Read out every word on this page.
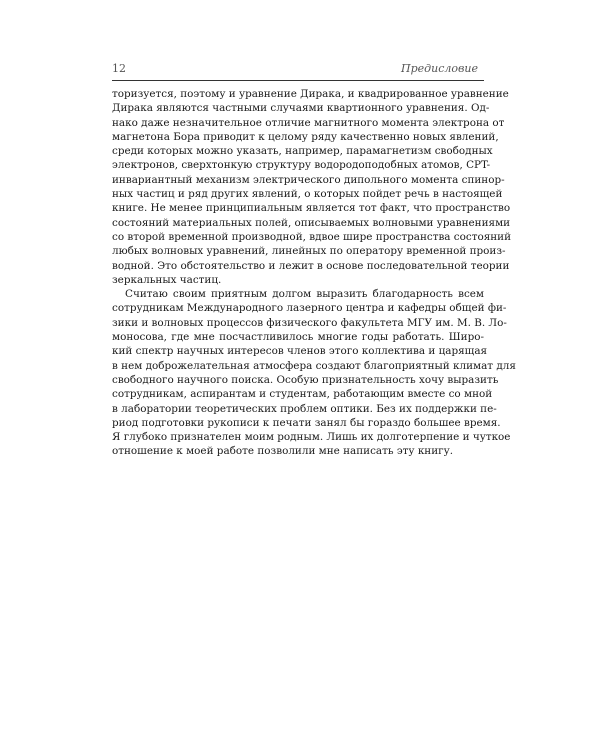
12	Предисловие
торизуется, поэтому и уравнение Дирака, и квадрированное уравнение
Дирака являются частными случаями квартионного уравнения. Од-
нако даже незначительное отличие магнитного момента электрона от
магнетона Бора приводит к целому ряду качественно новых явлений,
среди которых можно указать, например, парамагнетизм свободных
электронов, сверхтонкую структуру водородоподобных атомов, CPT-
инвариантный механизм электрического дипольного момента спинор-
ных частиц и ряд других явлений, о которых пойдет речь в настоящей
книге. Не менее принципиальным является тот факт, что пространство
состояний материальных полей, описываемых волновыми уравнениями
со второй временной производной, вдвое шире пространства состояний
любых волновых уравнений, линейных по оператору временной произ-
водной. Это обстоятельство и лежит в основе последовательной теории
зеркальных частиц.
Считаю своим приятным долгом выразить благодарность всем
сотрудникам Международного лазерного центра и кафедры общей фи-
зики и волновых процессов физического факультета МГУ им. М. В. Ло-
моносова, где мне посчастливилось многие годы работать. Широ-
кий спектр научных интересов членов этого коллектива и царящая
в нем доброжелательная атмосфера создают благоприятный климат для
свободного научного поиска. Особую признательность хочу выразить
сотрудникам, аспирантам и студентам, работающим вместе со мной
в лаборатории теоретических проблем оптики. Без их поддержки пе-
риод подготовки рукописи к печати занял бы гораздо большее время.
Я глубоко признателен моим родным. Лишь их долготерпение и чуткое
отношение к моей работе позволили мне написать эту книгу.
